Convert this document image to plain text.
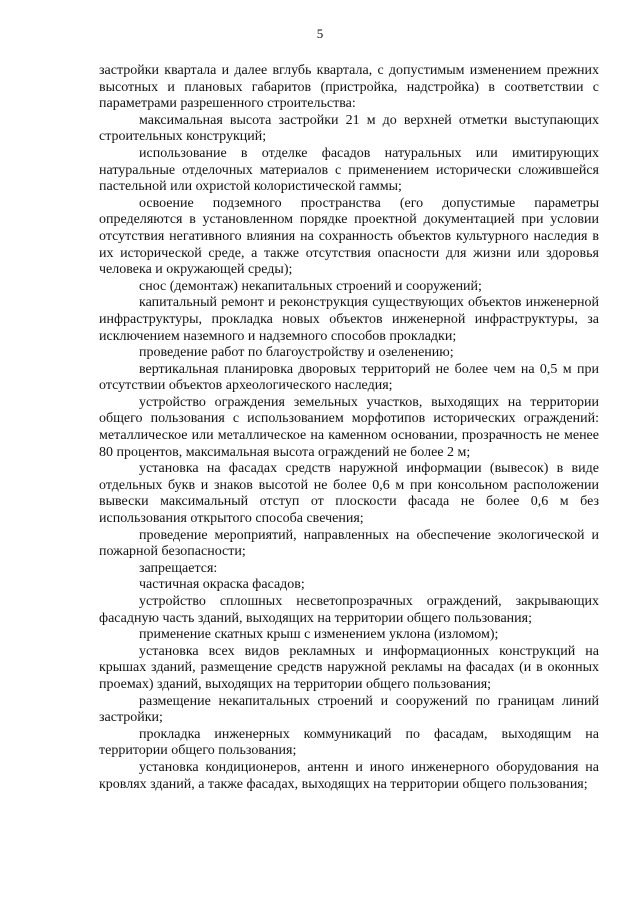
5

застройки квартала и далее вглубь квартала, с допустимым изменением прежних высотных и плановых габаритов (пристройка, надстройка) в соответствии с параметрами разрешенного строительства:

максимальная высота застройки 21 м до верхней отметки выступающих строительных конструкций;

использование в отделке фасадов натуральных или имитирующих натуральные отделочных материалов с применением исторически сложившейся пастельной или охристой колористической гаммы;

освоение подземного пространства (его допустимые параметры определяются в установленном порядке проектной документацией при условии отсутствия негативного влияния на сохранность объектов культурного наследия в их исторической среде, а также отсутствия опасности для жизни или здоровья человека и окружающей среды);

снос (демонтаж) некапитальных строений и сооружений;

капитальный ремонт и реконструкция существующих объектов инженерной инфраструктуры, прокладка новых объектов инженерной инфраструктуры, за исключением наземного и надземного способов прокладки;

проведение работ по благоустройству и озеленению;

вертикальная планировка дворовых территорий не более чем на 0,5 м при отсутствии объектов археологического наследия;

устройство ограждения земельных участков, выходящих на территории общего пользования с использованием морфотипов исторических ограждений: металлическое или металлическое на каменном основании, прозрачность не менее 80 процентов, максимальная высота ограждений не более 2 м;

установка на фасадах средств наружной информации (вывесок) в виде отдельных букв и знаков высотой не более 0,6 м при консольном расположении вывески максимальный отступ от плоскости фасада не более 0,6 м без использования открытого способа свечения;

проведение мероприятий, направленных на обеспечение экологической и пожарной безопасности;

запрещается:

частичная окраска фасадов;

устройство сплошных несветопрозрачных ограждений, закрывающих фасадную часть зданий, выходящих на территории общего пользования;

применение скатных крыш с изменением уклона (изломом);

установка всех видов рекламных и информационных конструкций на крышах зданий, размещение средств наружной рекламы на фасадах (и в оконных проемах) зданий, выходящих на территории общего пользования;

размещение некапитальных строений и сооружений по границам линий застройки;

прокладка инженерных коммуникаций по фасадам, выходящим на территории общего пользования;

установка кондиционеров, антенн и иного инженерного оборудования на кровлях зданий, а также фасадах, выходящих на территории общего пользования;
